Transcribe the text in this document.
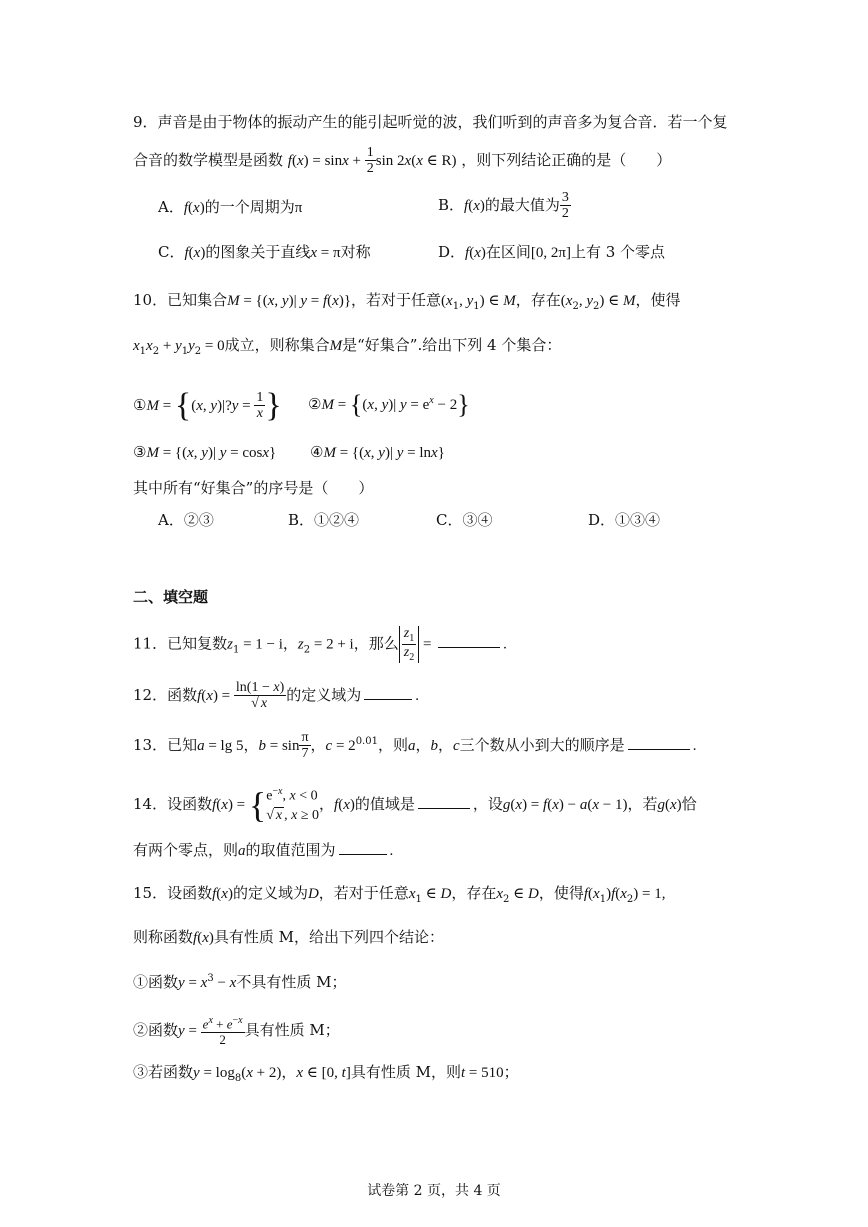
9．声音是由于物体的振动产生的能引起听觉的波，我们听到的声音多为复合音．若一个复
合音的数学模型是函数 $f(x) = \sin x + \frac{1}{2}$ sin 2x(x ∈ R) ，则下列结论正确的是（　　）
A．f(x)的一个周期为π	B．f(x)的最大值为 $\frac{3}{2}$
C．f(x)的图象关于直线x = π对称	D．f(x)在区间[0, 2π]上有 3 个零点
10．已知集合M = {(x, y)| y = f(x)}，若对于任意($x_1$, $y_1$) ∈ M，存在($x_2$, $y_2$) ∈ M，使得
$x_1x_2 + y_1y_2 = 0$成立，则称集合M是“好集合”.给出下列 4 个集合：
①M = {(x, y)|?y = $\frac{1}{x}$ } ②M = {(x, y)| $y = e^x - 2$}
③M = {(x, y)| y = cosx} ④M = {(x, y)| y = lnx}
其中所有“好集合”的序号是（　　）
A．②③	B．①②④	C．③④	D．①③④
二、填空题
11．已知复数$z_1 = 1 - i$，$z_2 = 2 + i$，那么 $\frac{z_1}{z_2}$ =	.
12．函数$f(x) = \frac{\ln(1 - x)}{√ x}$ 的定义域为	.
13．已知a = lg 5，$b = \sin \frac{\pi}{7}$ ，$c = 2^{0.01}$，则a，b，c三个数从小到大的顺序是	.
14．设函数f(x) = { $e^{-x}$, x < 0
√ x , x ≥ 0
，f(x)的值域是	，设g(x) = f(x) − a(x − 1)，若g(x)恰
有两个零点，则a的取值范围为	.
15．设函数f(x)的定义域为D，若对于任意$x_1$ ∈ D，存在$x_2$ ∈ D，使得$f(x_1)f(x_2) = 1$,
则称函数f(x)具有性质 M，给出下列四个结论：
①函数$y = x^3 - x$不具有性质 M；
②函数$y = \frac{e^x + e^{-x}}{2}$ 具有性质 M；
③若函数$y = \log_8(x + 2)$，x ∈ [0, t]具有性质 M，则t = 510；
试卷第 2 页，共 4 页
